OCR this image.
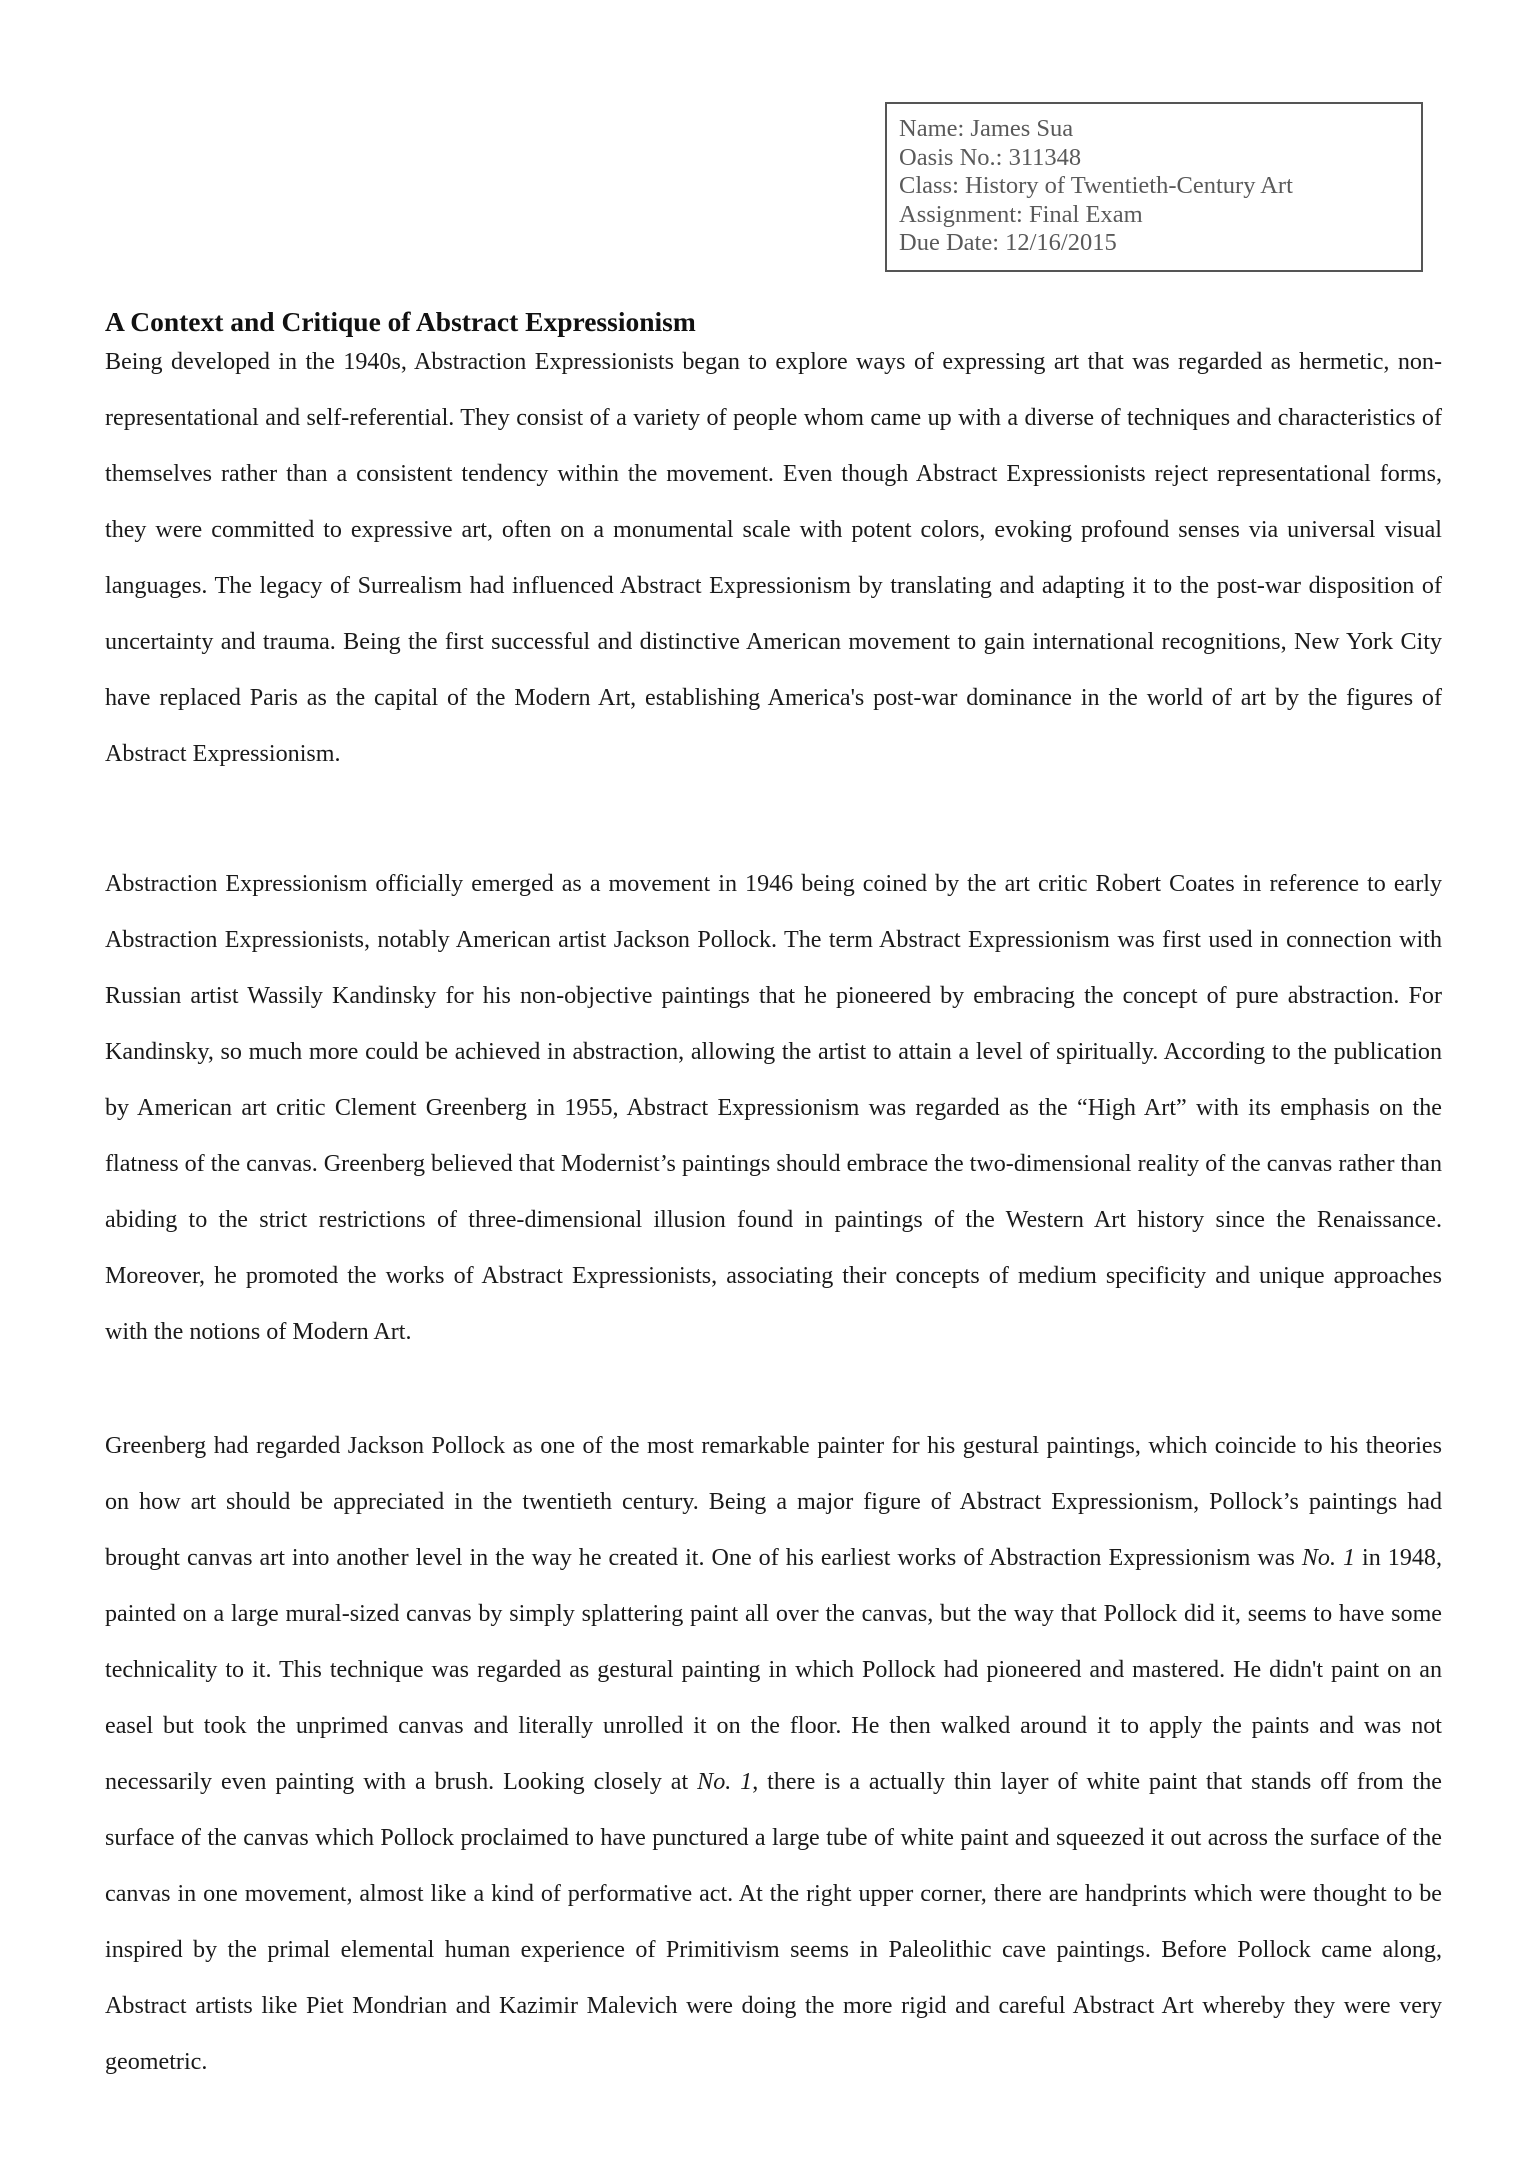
Name: James Sua
Oasis No.: 311348
Class: History of Twentieth-Century Art
Assignment: Final Exam
Due Date: 12/16/2015
A Context and Critique of Abstract Expressionism

Being developed in the 1940s, Abstraction Expressionists began to explore ways of expressing art that was regarded as hermetic, non-representational and self-referential. They consist of a variety of people whom came up with a diverse of techniques and characteristics of themselves rather than a consistent tendency within the movement. Even though Abstract Expressionists reject representational forms, they were committed to expressive art, often on a monumental scale with potent colors, evoking profound senses via universal visual languages. The legacy of Surrealism had influenced Abstract Expressionism by translating and adapting it to the post-war disposition of uncertainty and trauma. Being the first successful and distinctive American movement to gain international recognitions, New York City have replaced Paris as the capital of the Modern Art, establishing America's post-war dominance in the world of art by the figures of Abstract Expressionism.

Abstraction Expressionism officially emerged as a movement in 1946 being coined by the art critic Robert Coates in reference to early Abstraction Expressionists, notably American artist Jackson Pollock. The term Abstract Expressionism was first used in connection with Russian artist Wassily Kandinsky for his non-objective paintings that he pioneered by embracing the concept of pure abstraction. For Kandinsky, so much more could be achieved in abstraction, allowing the artist to attain a level of spiritually. According to the publication by American art critic Clement Greenberg in 1955, Abstract Expressionism was regarded as the “High Art” with its emphasis on the flatness of the canvas. Greenberg believed that Modernist’s paintings should embrace the two-dimensional reality of the canvas rather than abiding to the strict restrictions of three-dimensional illusion found in paintings of the Western Art history since the Renaissance. Moreover, he promoted the works of Abstract Expressionists, associating their concepts of medium specificity and unique approaches with the notions of Modern Art.

Greenberg had regarded Jackson Pollock as one of the most remarkable painter for his gestural paintings, which coincide to his theories on how art should be appreciated in the twentieth century. Being a major figure of Abstract Expressionism, Pollock’s paintings had brought canvas art into another level in the way he created it. One of his earliest works of Abstraction Expressionism was No. 1 in 1948, painted on a large mural-sized canvas by simply splattering paint all over the canvas, but the way that Pollock did it, seems to have some technicality to it. This technique was regarded as gestural painting in which Pollock had pioneered and mastered. He didn't paint on an easel but took the unprimed canvas and literally unrolled it on the floor. He then walked around it to apply the paints and was not necessarily even painting with a brush. Looking closely at No. 1, there is a actually thin layer of white paint that stands off from the surface of the canvas which Pollock proclaimed to have punctured a large tube of white paint and squeezed it out across the surface of the canvas in one movement, almost like a kind of performative act. At the right upper corner, there are handprints which were thought to be inspired by the primal elemental human experience of Primitivism seems in Paleolithic cave paintings. Before Pollock came along, Abstract artists like Piet Mondrian and Kazimir Malevich were doing the more rigid and careful Abstract Art whereby they were very geometric.
